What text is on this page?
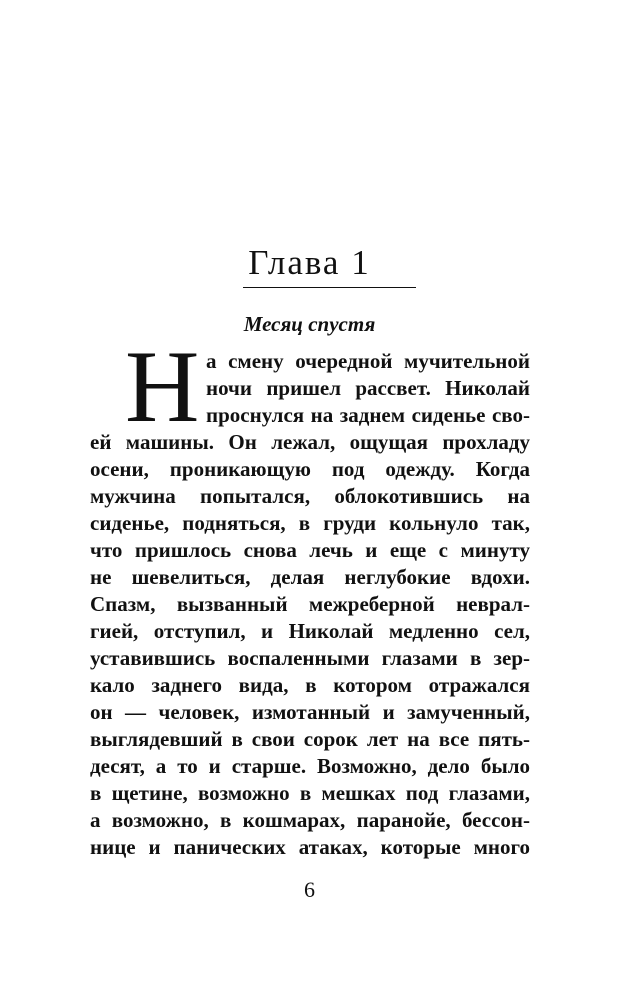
Глава 1

Месяц спустя

Н а смену очередной мучительной
ночи пришел рассвет. Николай
проснулся на заднем сиденье сво-
ей машины. Он лежал, ощущая прохладу
осени, проникающую под одежду. Когда
мужчина попытался, облокотившись на
сиденье, подняться, в груди кольнуло так,
что пришлось снова лечь и еще с минуту
не шевелиться, делая неглубокие вдохи.
Спазм, вызванный межреберной неврал-
гией, отступил, и Николай медленно сел,
уставившись воспаленными глазами в зер-
кало заднего вида, в котором отражался
он — человек, измотанный и замученный,
выглядевший в свои сорок лет на все пять-
десят, а то и старше. Возможно, дело было
в щетине, возможно в мешках под глазами,
а возможно, в кошмарах, паранойе, бессон-
нице и панических атаках, которые много

6
